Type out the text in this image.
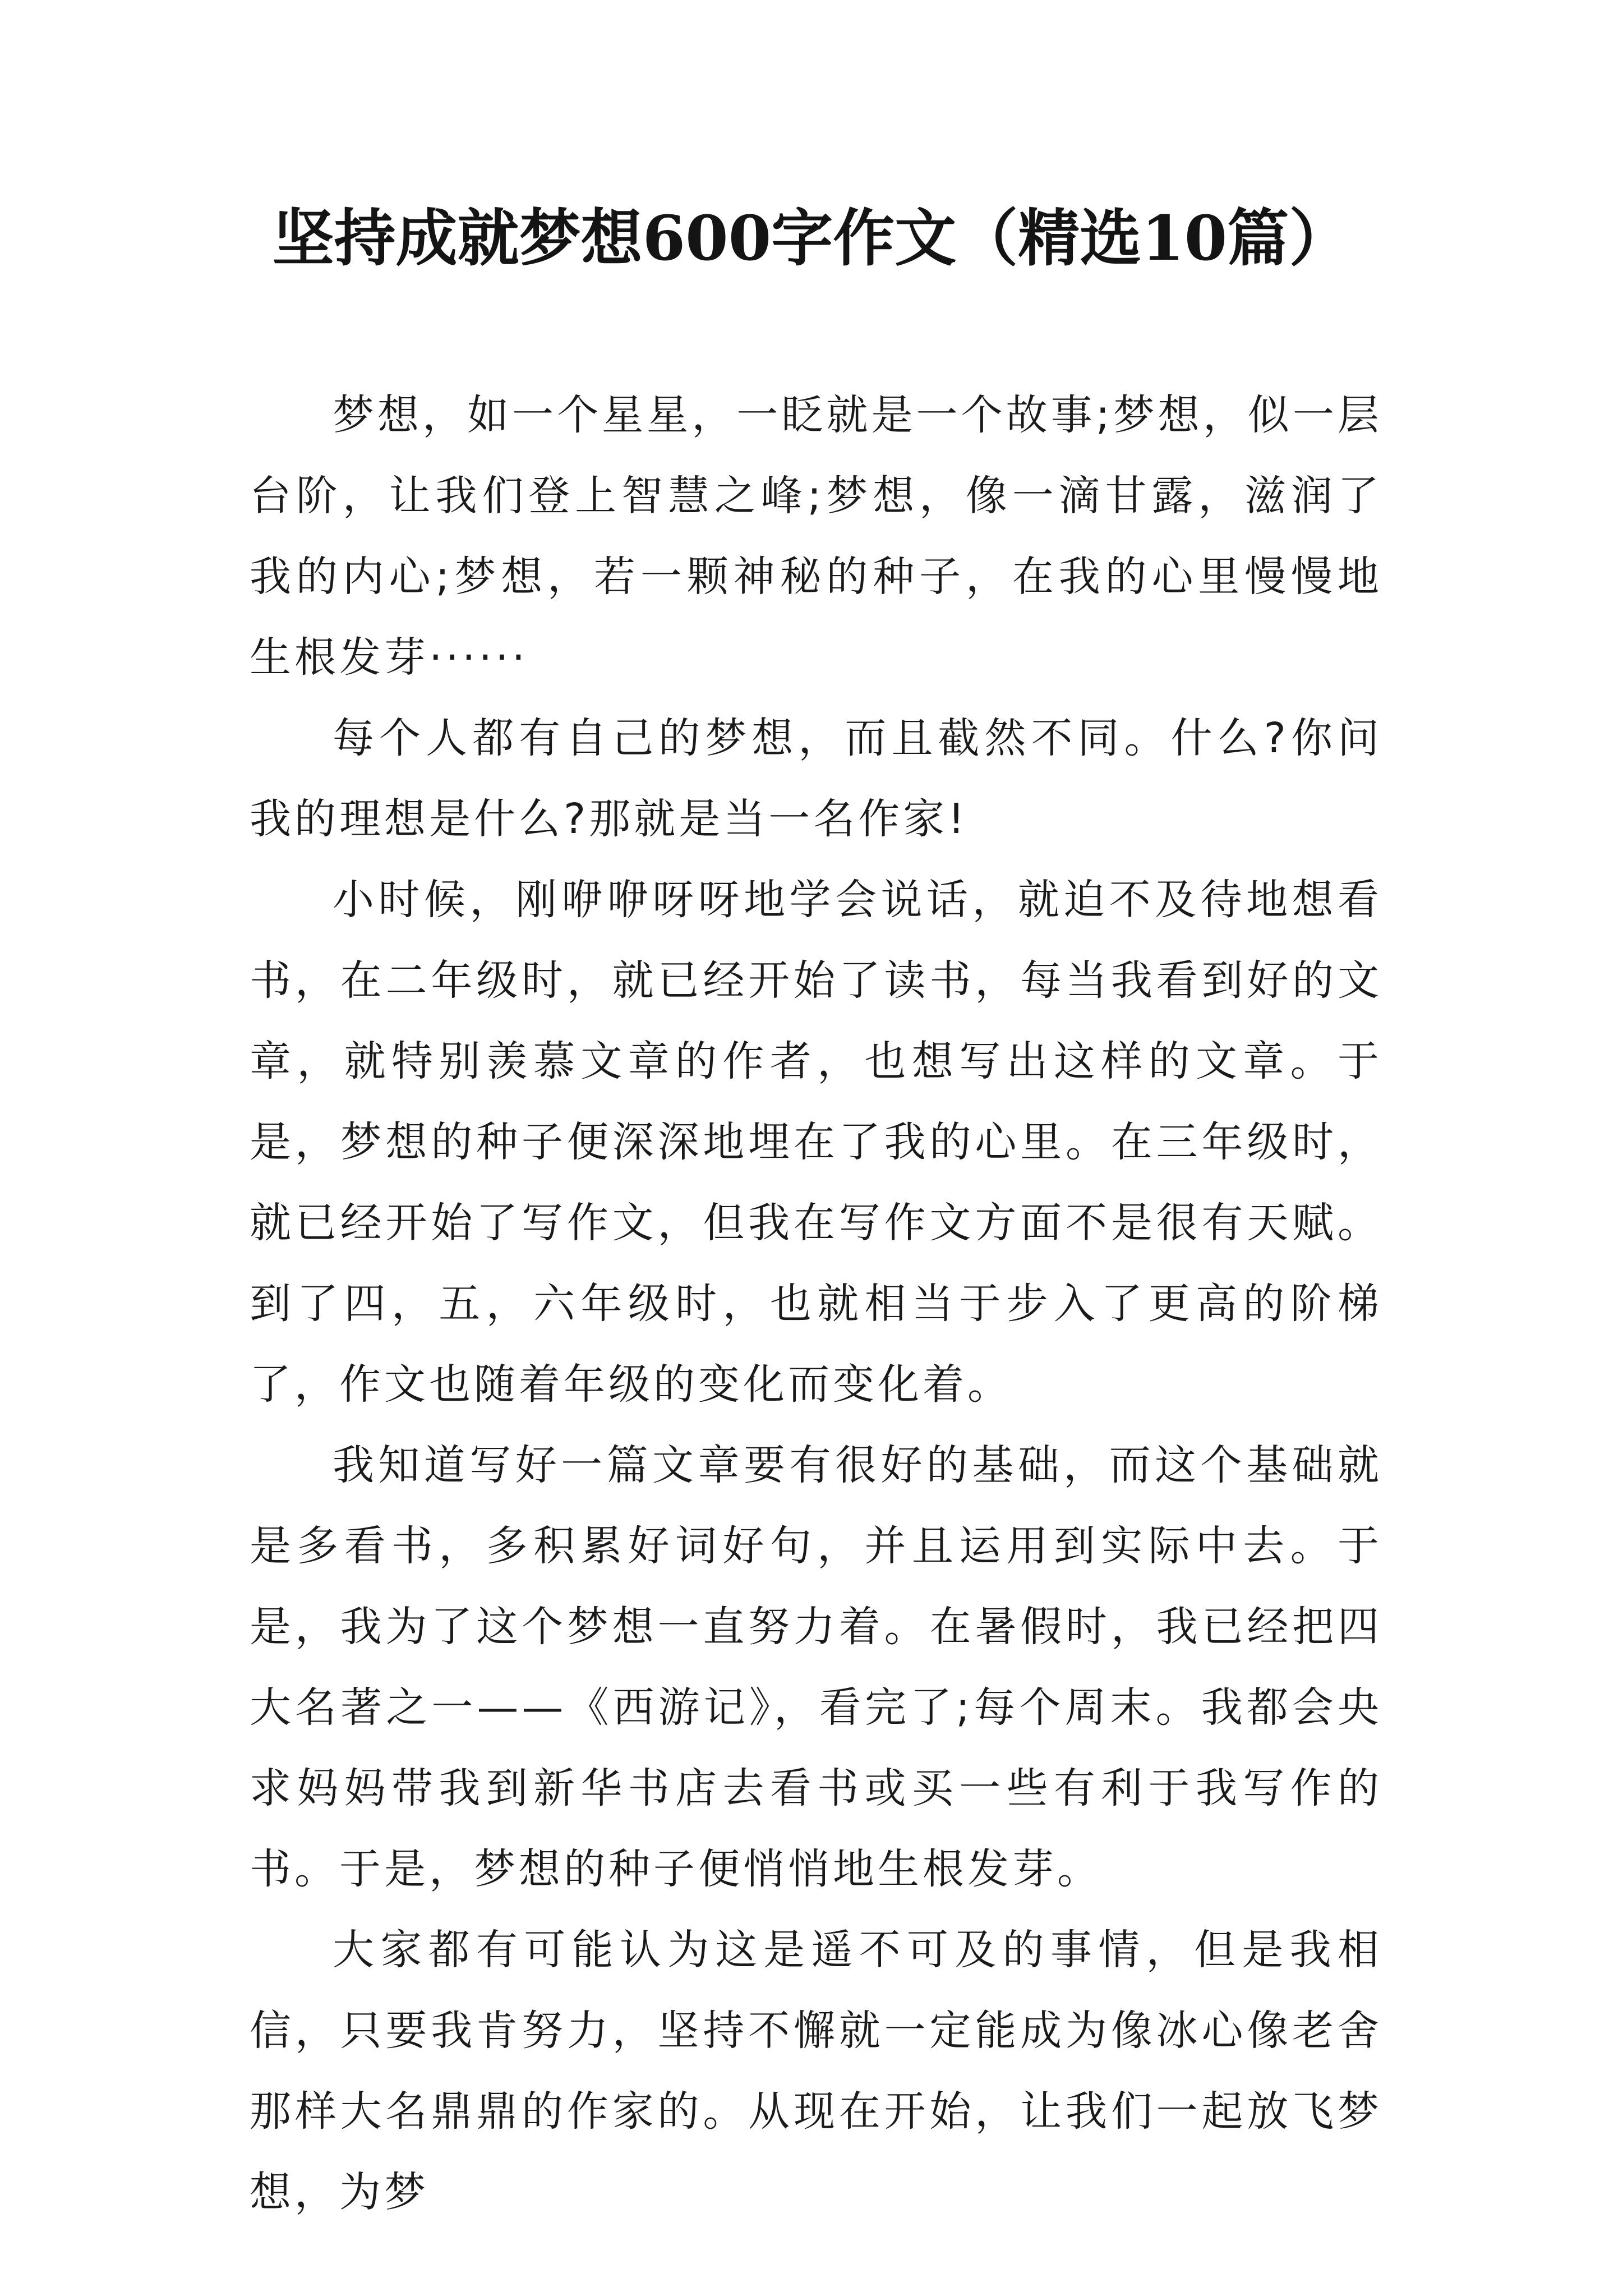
坚持成就梦想600字作文（精选10篇）

梦想，如一个星星，一眨就是一个故事;梦想，似一层台阶，让我们登上智慧之峰;梦想，像一滴甘露，滋润了我的内心;梦想，若一颗神秘的种子，在我的心里慢慢地生根发芽······

每个人都有自己的梦想，而且截然不同。什么?你问我的理想是什么?那就是当一名作家!

小时候，刚咿咿呀呀地学会说话，就迫不及待地想看书，在二年级时，就已经开始了读书，每当我看到好的文章，就特别羡慕文章的作者，也想写出这样的文章。于是，梦想的种子便深深地埋在了我的心里。在三年级时，就已经开始了写作文，但我在写作文方面不是很有天赋。到了四，五，六年级时，也就相当于步入了更高的阶梯了，作文也随着年级的变化而变化着。

我知道写好一篇文章要有很好的基础，而这个基础就是多看书，多积累好词好句，并且运用到实际中去。于是，我为了这个梦想一直努力着。在暑假时，我已经把四大名著之一——《西游记》，看完了;每个周末。我都会央求妈妈带我到新华书店去看书或买一些有利于我写作的书。于是，梦想的种子便悄悄地生根发芽。

大家都有可能认为这是遥不可及的事情，但是我相信，只要我肯努力，坚持不懈就一定能成为像冰心像老舍那样大名鼎鼎的作家的。从现在开始，让我们一起放飞梦想，为梦
